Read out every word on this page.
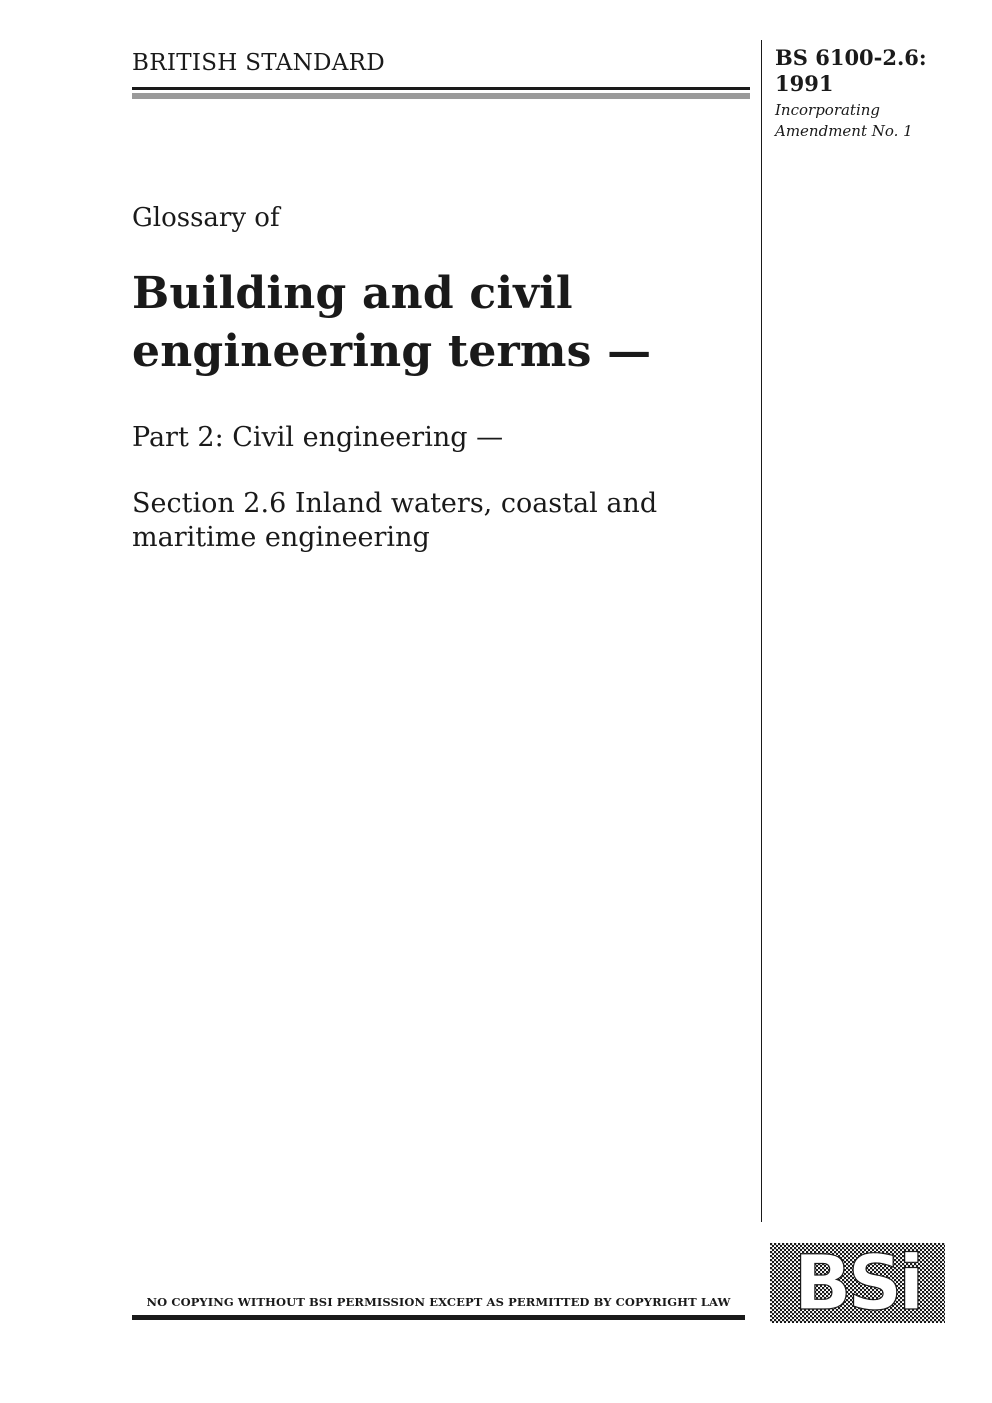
BRITISH STANDARD	BS 6100-2.6:
1991
Incorporating
Amendment No. 1
Glossary of
Building and civil
engineering terms —
Part 2: Civil engineering —
Section 2.6 Inland waters, coastal and
maritime engineering
NO COPYING WITHOUT BSI PERMISSION EXCEPT AS PERMITTED BY COPYRIGHT LAW BSi
